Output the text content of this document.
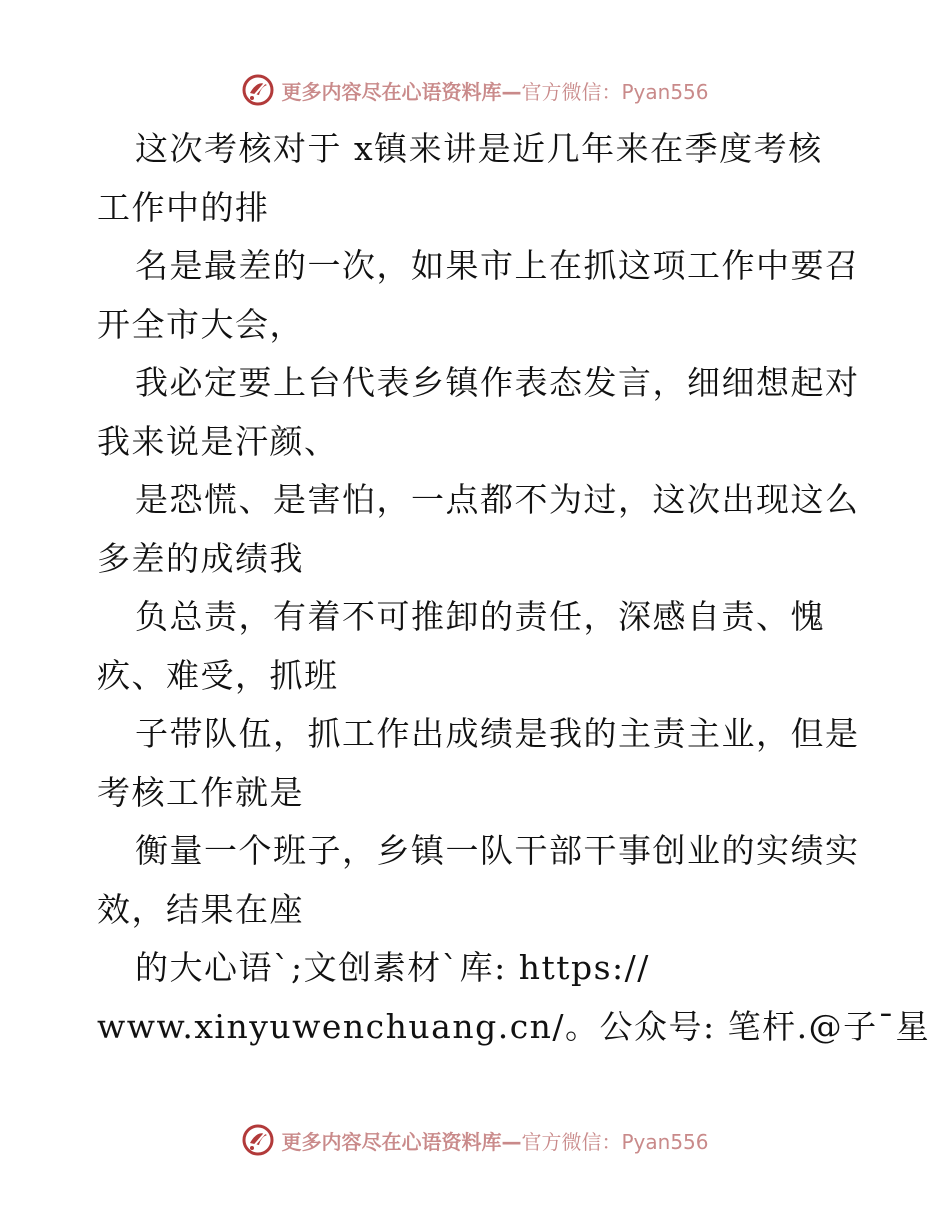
更多内容尽在心语资料库—官方微信：Pyan556
这次考核对于 x镇来讲是近几年来在季度考核
工作中的排
名是最差的一次，如果市上在抓这项工作中要召
开全市大会，
我必定要上台代表乡镇作表态发言，细细想起对
我来说是汗颜、
是恐慌、是害怕，一点都不为过，这次出现这么
多差的成绩我
负总责，有着不可推卸的责任，深感自责、愧
疚、难受，抓班
子带队伍，抓工作出成绩是我的主责主业，但是
考核工作就是
衡量一个班子，乡镇一队干部干事创业的实绩实
效，结果在座
的大心语`;文创素材`库: https://
www.xinyuwenchuang.cn/。公众号: 笔杆.@子¯星
更多内容尽在心语资料库—官方微信：Pyan556
